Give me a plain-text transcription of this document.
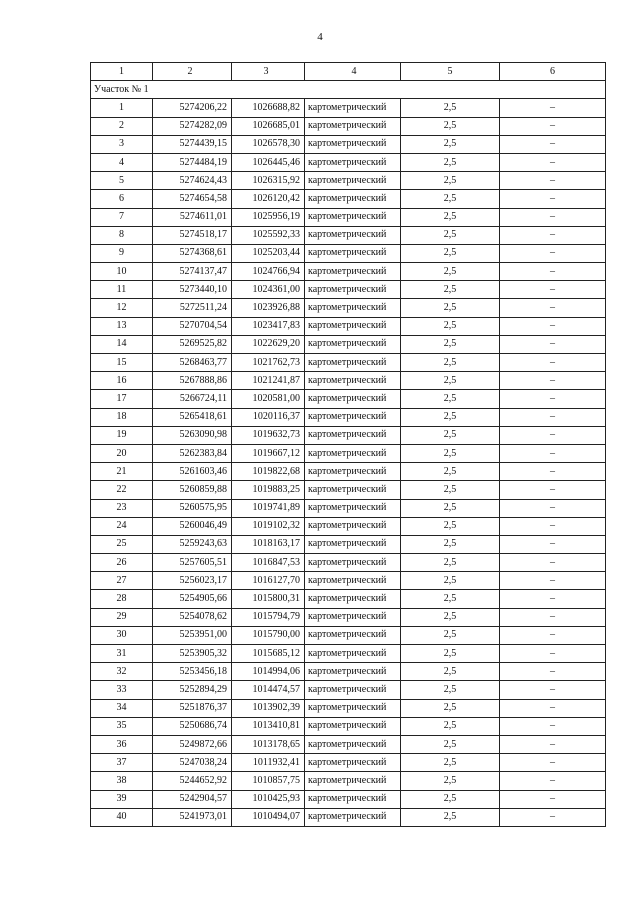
4
1	2	3	4	5	6
Участок № 1					
1	5274206,22	1026688,82	картометрический	2,5	–
2	5274282,09	1026685,01	картометрический	2,5	–
3	5274439,15	1026578,30	картометрический	2,5	–
4	5274484,19	1026445,46	картометрический	2,5	–
5	5274624,43	1026315,92	картометрический	2,5	–
6	5274654,58	1026120,42	картометрический	2,5	–
7	5274611,01	1025956,19	картометрический	2,5	–
8	5274518,17	1025592,33	картометрический	2,5	–
9	5274368,61	1025203,44	картометрический	2,5	–
10	5274137,47	1024766,94	картометрический	2,5	–
11	5273440,10	1024361,00	картометрический	2,5	–
12	5272511,24	1023926,88	картометрический	2,5	–
13	5270704,54	1023417,83	картометрический	2,5	–
14	5269525,82	1022629,20	картометрический	2,5	–
15	5268463,77	1021762,73	картометрический	2,5	–
16	5267888,86	1021241,87	картометрический	2,5	–
17	5266724,11	1020581,00	картометрический	2,5	–
18	5265418,61	1020116,37	картометрический	2,5	–
19	5263090,98	1019632,73	картометрический	2,5	–
20	5262383,84	1019667,12	картометрический	2,5	–
21	5261603,46	1019822,68	картометрический	2,5	–
22	5260859,88	1019883,25	картометрический	2,5	–
23	5260575,95	1019741,89	картометрический	2,5	–
24	5260046,49	1019102,32	картометрический	2,5	–
25	5259243,63	1018163,17	картометрический	2,5	–
26	5257605,51	1016847,53	картометрический	2,5	–
27	5256023,17	1016127,70	картометрический	2,5	–
28	5254905,66	1015800,31	картометрический	2,5	–
29	5254078,62	1015794,79	картометрический	2,5	–
30	5253951,00	1015790,00	картометрический	2,5	–
31	5253905,32	1015685,12	картометрический	2,5	–
32	5253456,18	1014994,06	картометрический	2,5	–
33	5252894,29	1014474,57	картометрический	2,5	–
34	5251876,37	1013902,39	картометрический	2,5	–
35	5250686,74	1013410,81	картометрический	2,5	–
36	5249872,66	1013178,65	картометрический	2,5	–
37	5247038,24	1011932,41	картометрический	2,5	–
38	5244652,92	1010857,75	картометрический	2,5	–
39	5242904,57	1010425,93	картометрический	2,5	–
40	5241973,01	1010494,07	картометрический	2,5	–
